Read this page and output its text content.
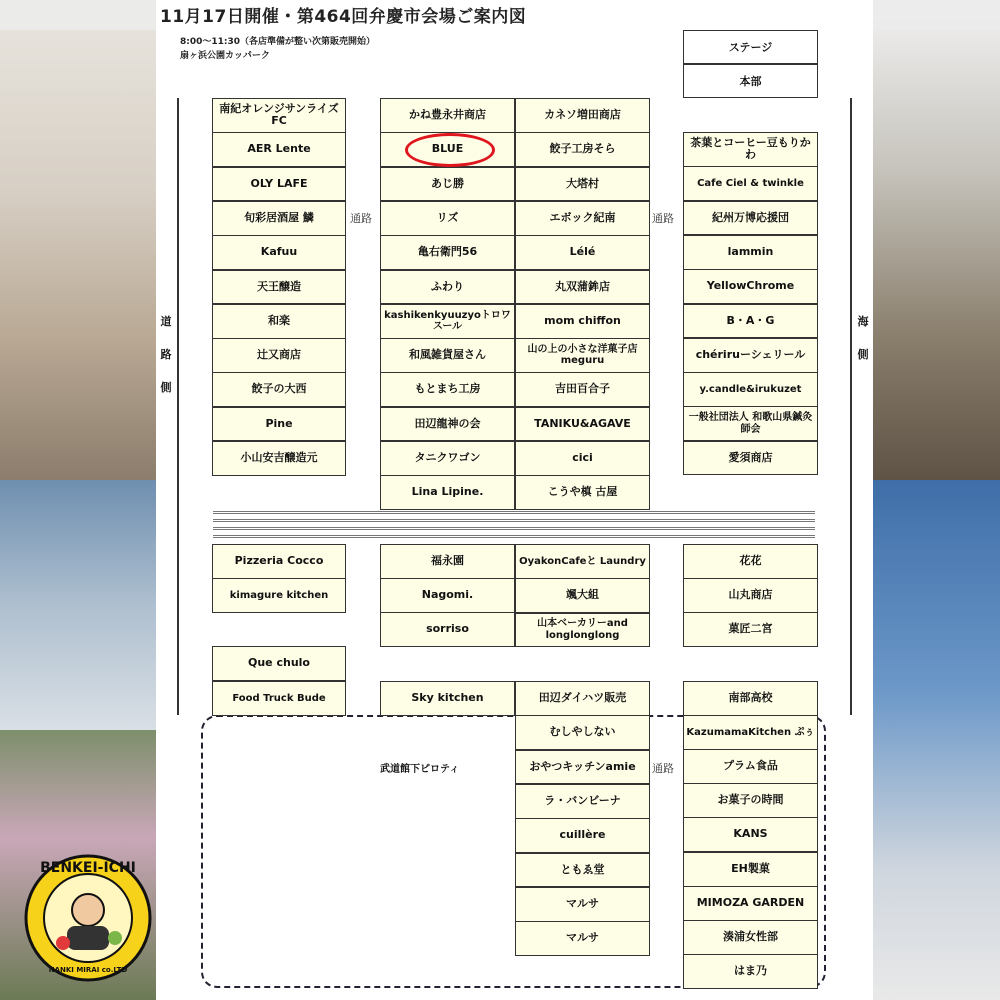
11月17日開催・第464回弁慶市会場ご案内図
8:00～11:30（各店準備が整い次第販売開始）
扇ヶ浜公園カッパーク
ステージ
本部
道
路
側
海
側
通路	通路
通路
武道館下ピロティ
南紀オレンジサンライズFC
AER Lente
OLY LAFE
旬彩居酒屋 鱗
Kafuu
天王醸造
和楽
辻又商店
餃子の大西
Pine
小山安吉醸造元
かね豊永井商店
BLUE
あじ勝
リズ
亀右衛門56
ふわり
kashikenkyuuzyoトロワスール
和風雑貨屋さん
もとまち工房
田辺龍神の会
タニクワゴン
Lina Lipine.
カネソ増田商店
餃子工房そら
大塔村
エボック紀南
Lélé
丸双蒲鉾店
mom chiffon
山の上の小さな洋菓子店 meguru
吉田百合子
TANIKU&AGAVE
cici
こうや槙 古屋
茶葉とコーヒー豆もりかわ
Cafe Ciel & twinkle
紀州万博応援団
lammin
YellowChrome
B・A・G
chériruーシェリール
y.candle&irukuzet
一般社団法人 和歌山県鍼灸師会
愛須商店
福永園
Nagomi.
sorriso
Sky kitchen
Pizzeria Cocco
kimagure kitchen
Que chulo
Food Truck Bude
OyakonCafeと Laundry
颯大組
山本ベーカリーand longlonglong
田辺ダイハツ販売
むしやしない
おやつキッチンamie
ラ・バンビーナ
cuillère
ともゑ堂
マルサ
マルサ
花花
山丸商店
菓匠二宮
南部高校
KazumamaKitchen ぷぅ
プラム食品
お菓子の時間
KANS
EH製菓
MIMOZA GARDEN
湊浦女性部
はま乃
BENKEI-ICHI
NANKI MIRAI co.LTD
